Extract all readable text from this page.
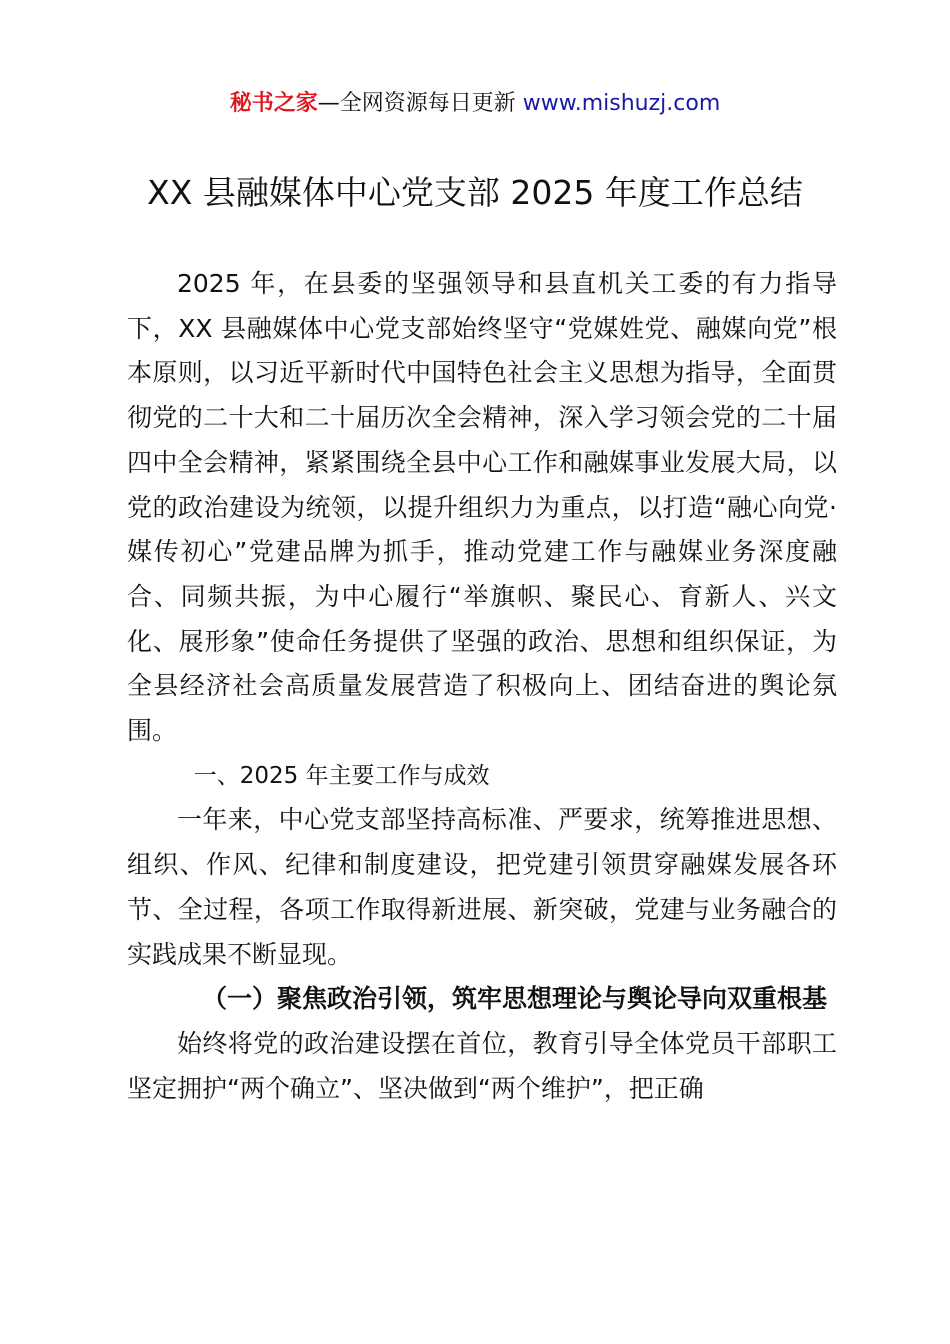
秘书之家—全网资源每日更新 www.mishuzj.com
XX 县融媒体中心党支部 2025 年度工作总结

2025 年，在县委的坚强领导和县直机关工委的有力指导下，XX 县融媒体中心党支部始终坚守“党媒姓党、融媒向党”根本原则，以习近平新时代中国特色社会主义思想为指导，全面贯彻党的二十大和二十届历次全会精神，深入学习领会党的二十届四中全会精神，紧紧围绕全县中心工作和融媒事业发展大局，以党的政治建设为统领，以提升组织力为重点，以打造“融心向党·媒传初心”党建品牌为抓手，推动党建工作与融媒业务深度融合、同频共振，为中心履行“举旗帜、聚民心、育新人、兴文化、展形象”使命任务提供了坚强的政治、思想和组织保证，为全县经济社会高质量发展营造了积极向上、团结奋进的舆论氛围。

一、2025 年主要工作与成效

一年来，中心党支部坚持高标准、严要求，统筹推进思想、组织、作风、纪律和制度建设，把党建引领贯穿融媒发展各环节、全过程，各项工作取得新进展、新突破，党建与业务融合的实践成果不断显现。

（一）聚焦政治引领，筑牢思想理论与舆论导向双重根基

始终将党的政治建设摆在首位，教育引导全体党员干部职工坚定拥护“两个确立”、坚决做到“两个维护”，把正确
